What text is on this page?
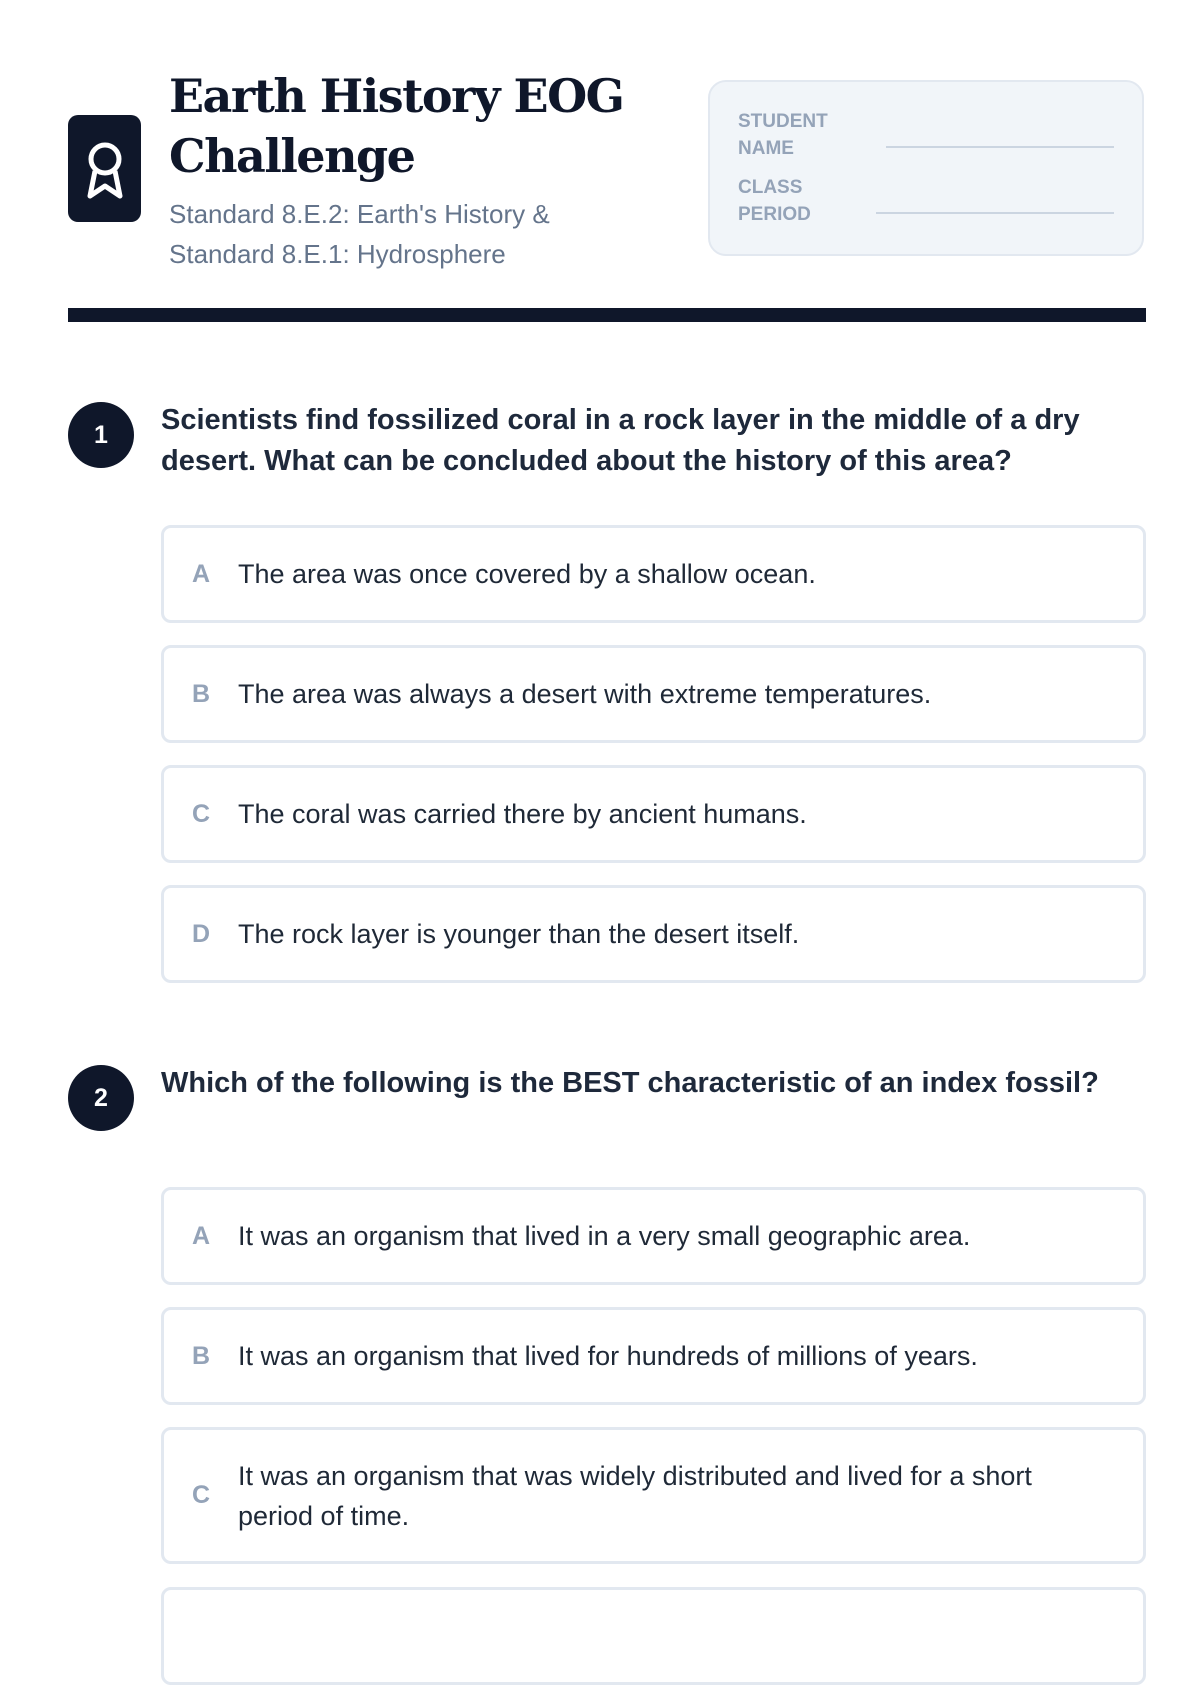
Earth History EOG Challenge
Standard 8.E.2: Earth's History & Standard 8.E.1: Hydrosphere
STUDENT NAME
CLASS PERIOD
1	Scientists find fossilized coral in a rock layer in the middle of a dry desert. What can be concluded about the history of this area?
A	The area was once covered by a shallow ocean.
B	The area was always a desert with extreme temperatures.
C	The coral was carried there by ancient humans.
D	The rock layer is younger than the desert itself.
2	Which of the following is the BEST characteristic of an index fossil?
A	It was an organism that lived in a very small geographic area.
B	It was an organism that lived for hundreds of millions of years.
C
It was an organism that was widely distributed and lived for a short period of time.
